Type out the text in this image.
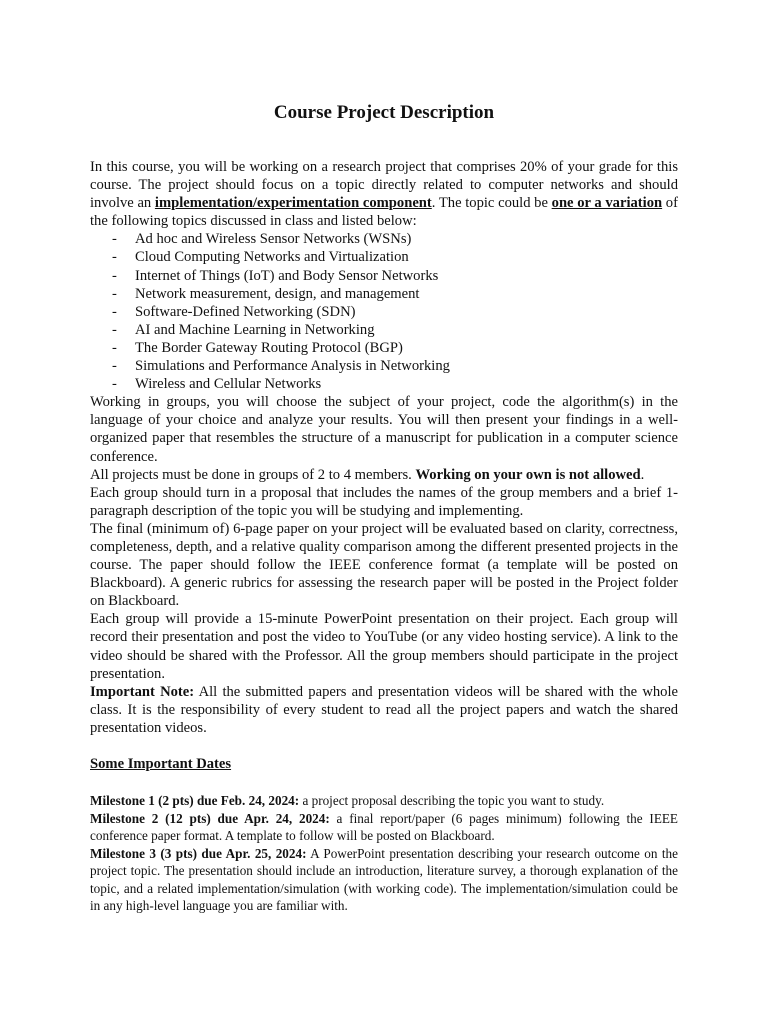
Course Project Description

In this course, you will be working on a research project that comprises 20% of your grade for this course. The project should focus on a topic directly related to computer networks and should involve an implementation/experimentation component. The topic could be one or a variation of the following topics discussed in class and listed below:

- Ad hoc and Wireless Sensor Networks (WSNs)
- Cloud Computing Networks and Virtualization
- Internet of Things (IoT) and Body Sensor Networks
- Network measurement, design, and management
- Software-Defined Networking (SDN)
- AI and Machine Learning in Networking
- The Border Gateway Routing Protocol (BGP)
- Simulations and Performance Analysis in Networking
- Wireless and Cellular Networks

Working in groups, you will choose the subject of your project, code the algorithm(s) in the language of your choice and analyze your results. You will then present your findings in a well-organized paper that resembles the structure of a manuscript for publication in a computer science conference.

All projects must be done in groups of 2 to 4 members. Working on your own is not allowed.

Each group should turn in a proposal that includes the names of the group members and a brief 1-paragraph description of the topic you will be studying and implementing.

The final (minimum of) 6-page paper on your project will be evaluated based on clarity, correctness, completeness, depth, and a relative quality comparison among the different presented projects in the course. The paper should follow the IEEE conference format (a template will be posted on Blackboard). A generic rubrics for assessing the research paper will be posted in the Project folder on Blackboard.

Each group will provide a 15-minute PowerPoint presentation on their project. Each group will record their presentation and post the video to YouTube (or any video hosting service). A link to the video should be shared with the Professor. All the group members should participate in the project presentation.

Important Note: All the submitted papers and presentation videos will be shared with the whole class. It is the responsibility of every student to read all the project papers and watch the shared presentation videos.

Some Important Dates

Milestone 1 (2 pts) due Feb. 24, 2024: a project proposal describing the topic you want to study.

Milestone 2 (12 pts) due Apr. 24, 2024: a final report/paper (6 pages minimum) following the IEEE conference paper format. A template to follow will be posted on Blackboard.

Milestone 3 (3 pts) due Apr. 25, 2024: A PowerPoint presentation describing your research outcome on the project topic. The presentation should include an introduction, literature survey, a thorough explanation of the topic, and a related implementation/simulation (with working code). The implementation/simulation could be in any high-level language you are familiar with.
